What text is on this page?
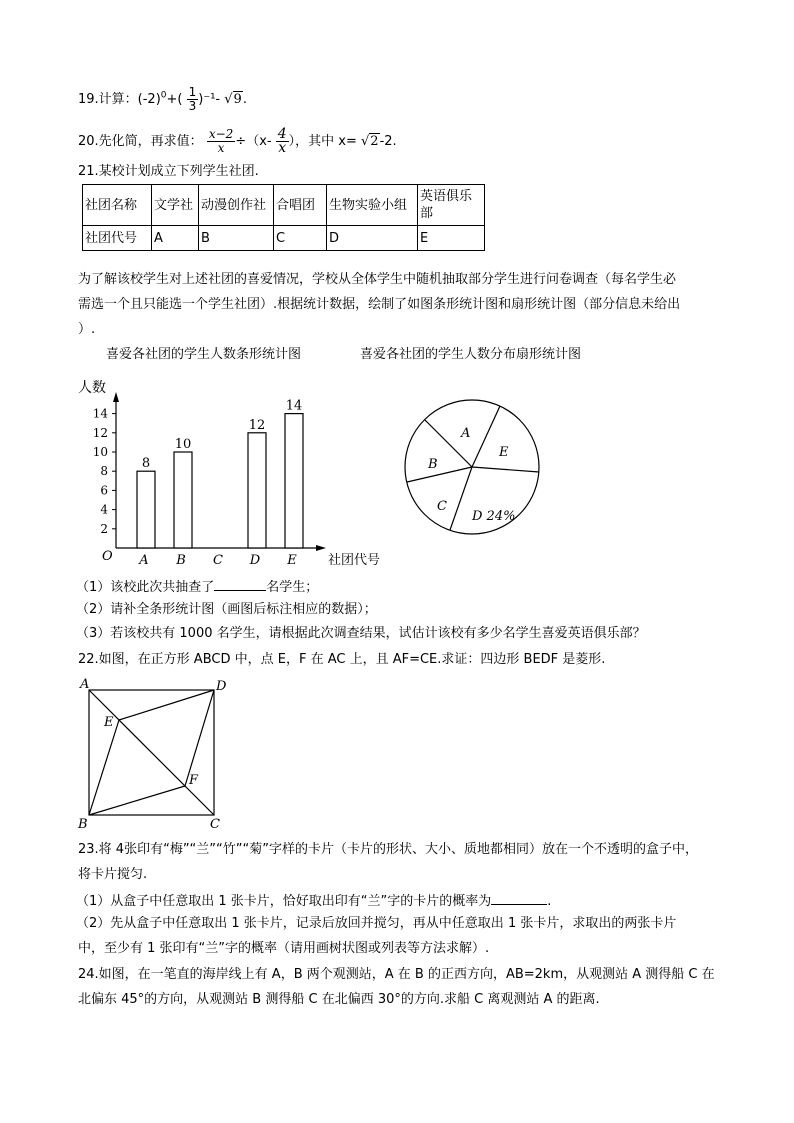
19.计算：$(-2)^0+( \frac{1}{3} )^{-1}-$ √9.
20.先化简，再求值： $\frac{x-2}{x} \div(x- \frac{4}{x}$ ），其中 x= √2-2.
21.某校计划成立下列学生社团.
社团名称	文学社	动漫创作社	合唱团	生物实验小组	英语俱乐部
社团代号	A	B	C	D	E
为了解该校学生对上述社团的喜爱情况，学校从全体学生中随机抽取部分学生进行问卷调查（每名学生必
需选一个且只能选一个学生社团）.根据统计数据，绘制了如图条形统计图和扇形统计图（部分信息未给出
）.
喜爱各社团的学生人数条形统计图	喜爱各社团的学生人数分布扇形统计图
人数
社团代号
O
2
4
6
8
10
12
14
A
8
B
10
C D
12
E
14
A
E
D 24%
C
B
（1）该校此次共抽查了	名学生；
（2）请补全条形统计图（画图后标注相应的数据）；
（3）若该校共有 1000 名学生，请根据此次调查结果，试估计该校有多少名学生喜爱英语俱乐部？
22.如图，在正方形 ABCD 中，点 E，F 在 AC 上，且 AF=CE.求证：四边形 BEDF 是菱形.
A	D
E
F
B	C
23.将 4张印有“梅”“兰”“竹”“菊”字样的卡片（卡片的形状、大小、质地都相同）放在一个不透明的盒子中，
将卡片搅匀.
（1）从盒子中任意取出 1 张卡片，恰好取出印有“兰”字的卡片的概率为	.
（2）先从盒子中任意取出 1 张卡片，记录后放回并搅匀，再从中任意取出 1 张卡片，求取出的两张卡片
中，至少有 1 张印有“兰”字的概率（请用画树状图或列表等方法求解）.
24.如图，在一笔直的海岸线上有 A，B 两个观测站，A 在 B 的正西方向，AB=2km，从观测站 A 测得船 C 在
北偏东 45°的方向，从观测站 B 测得船 C 在北偏西 30°的方向.求船 C 离观测站 A 的距离.
